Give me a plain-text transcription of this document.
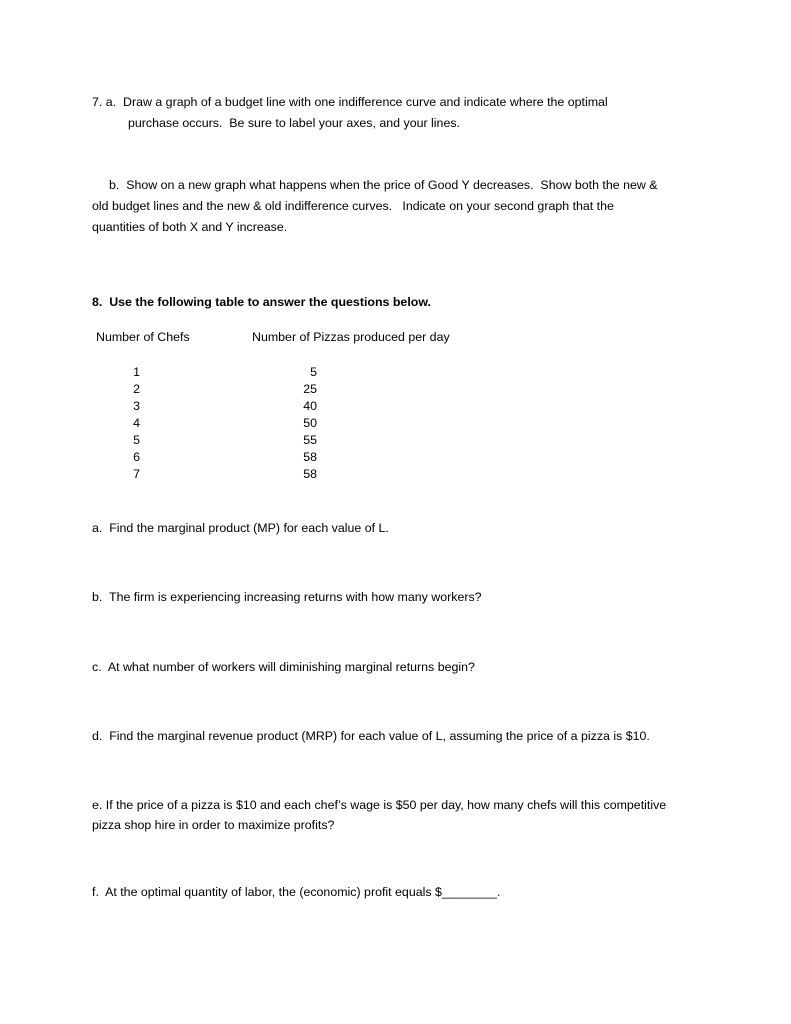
7. a.  Draw a graph of a budget line with one indifference curve and indicate where the optimal
purchase occurs.  Be sure to label your axes, and your lines.
b.  Show on a new graph what happens when the price of Good Y decreases.  Show both the new &
old budget lines and the new & old indifference curves.   Indicate on your second graph that the
quantities of both X and Y increase.
8.  Use the following table to answer the questions below.
Number of Chefs	Number of Pizzas produced per day
1
2
3
4
5
6
7
5
25
40
50
55
58
58
a.  Find the marginal product (MP) for each value of L.
b.  The firm is experiencing increasing returns with how many workers?
c.  At what number of workers will diminishing marginal returns begin?
d.  Find the marginal revenue product (MRP) for each value of L, assuming the price of a pizza is $10.
e. If the price of a pizza is $10 and each chef’s wage is $50 per day, how many chefs will this competitive
pizza shop hire in order to maximize profits?
f.  At the optimal quantity of labor, the (economic) profit equals $________.
